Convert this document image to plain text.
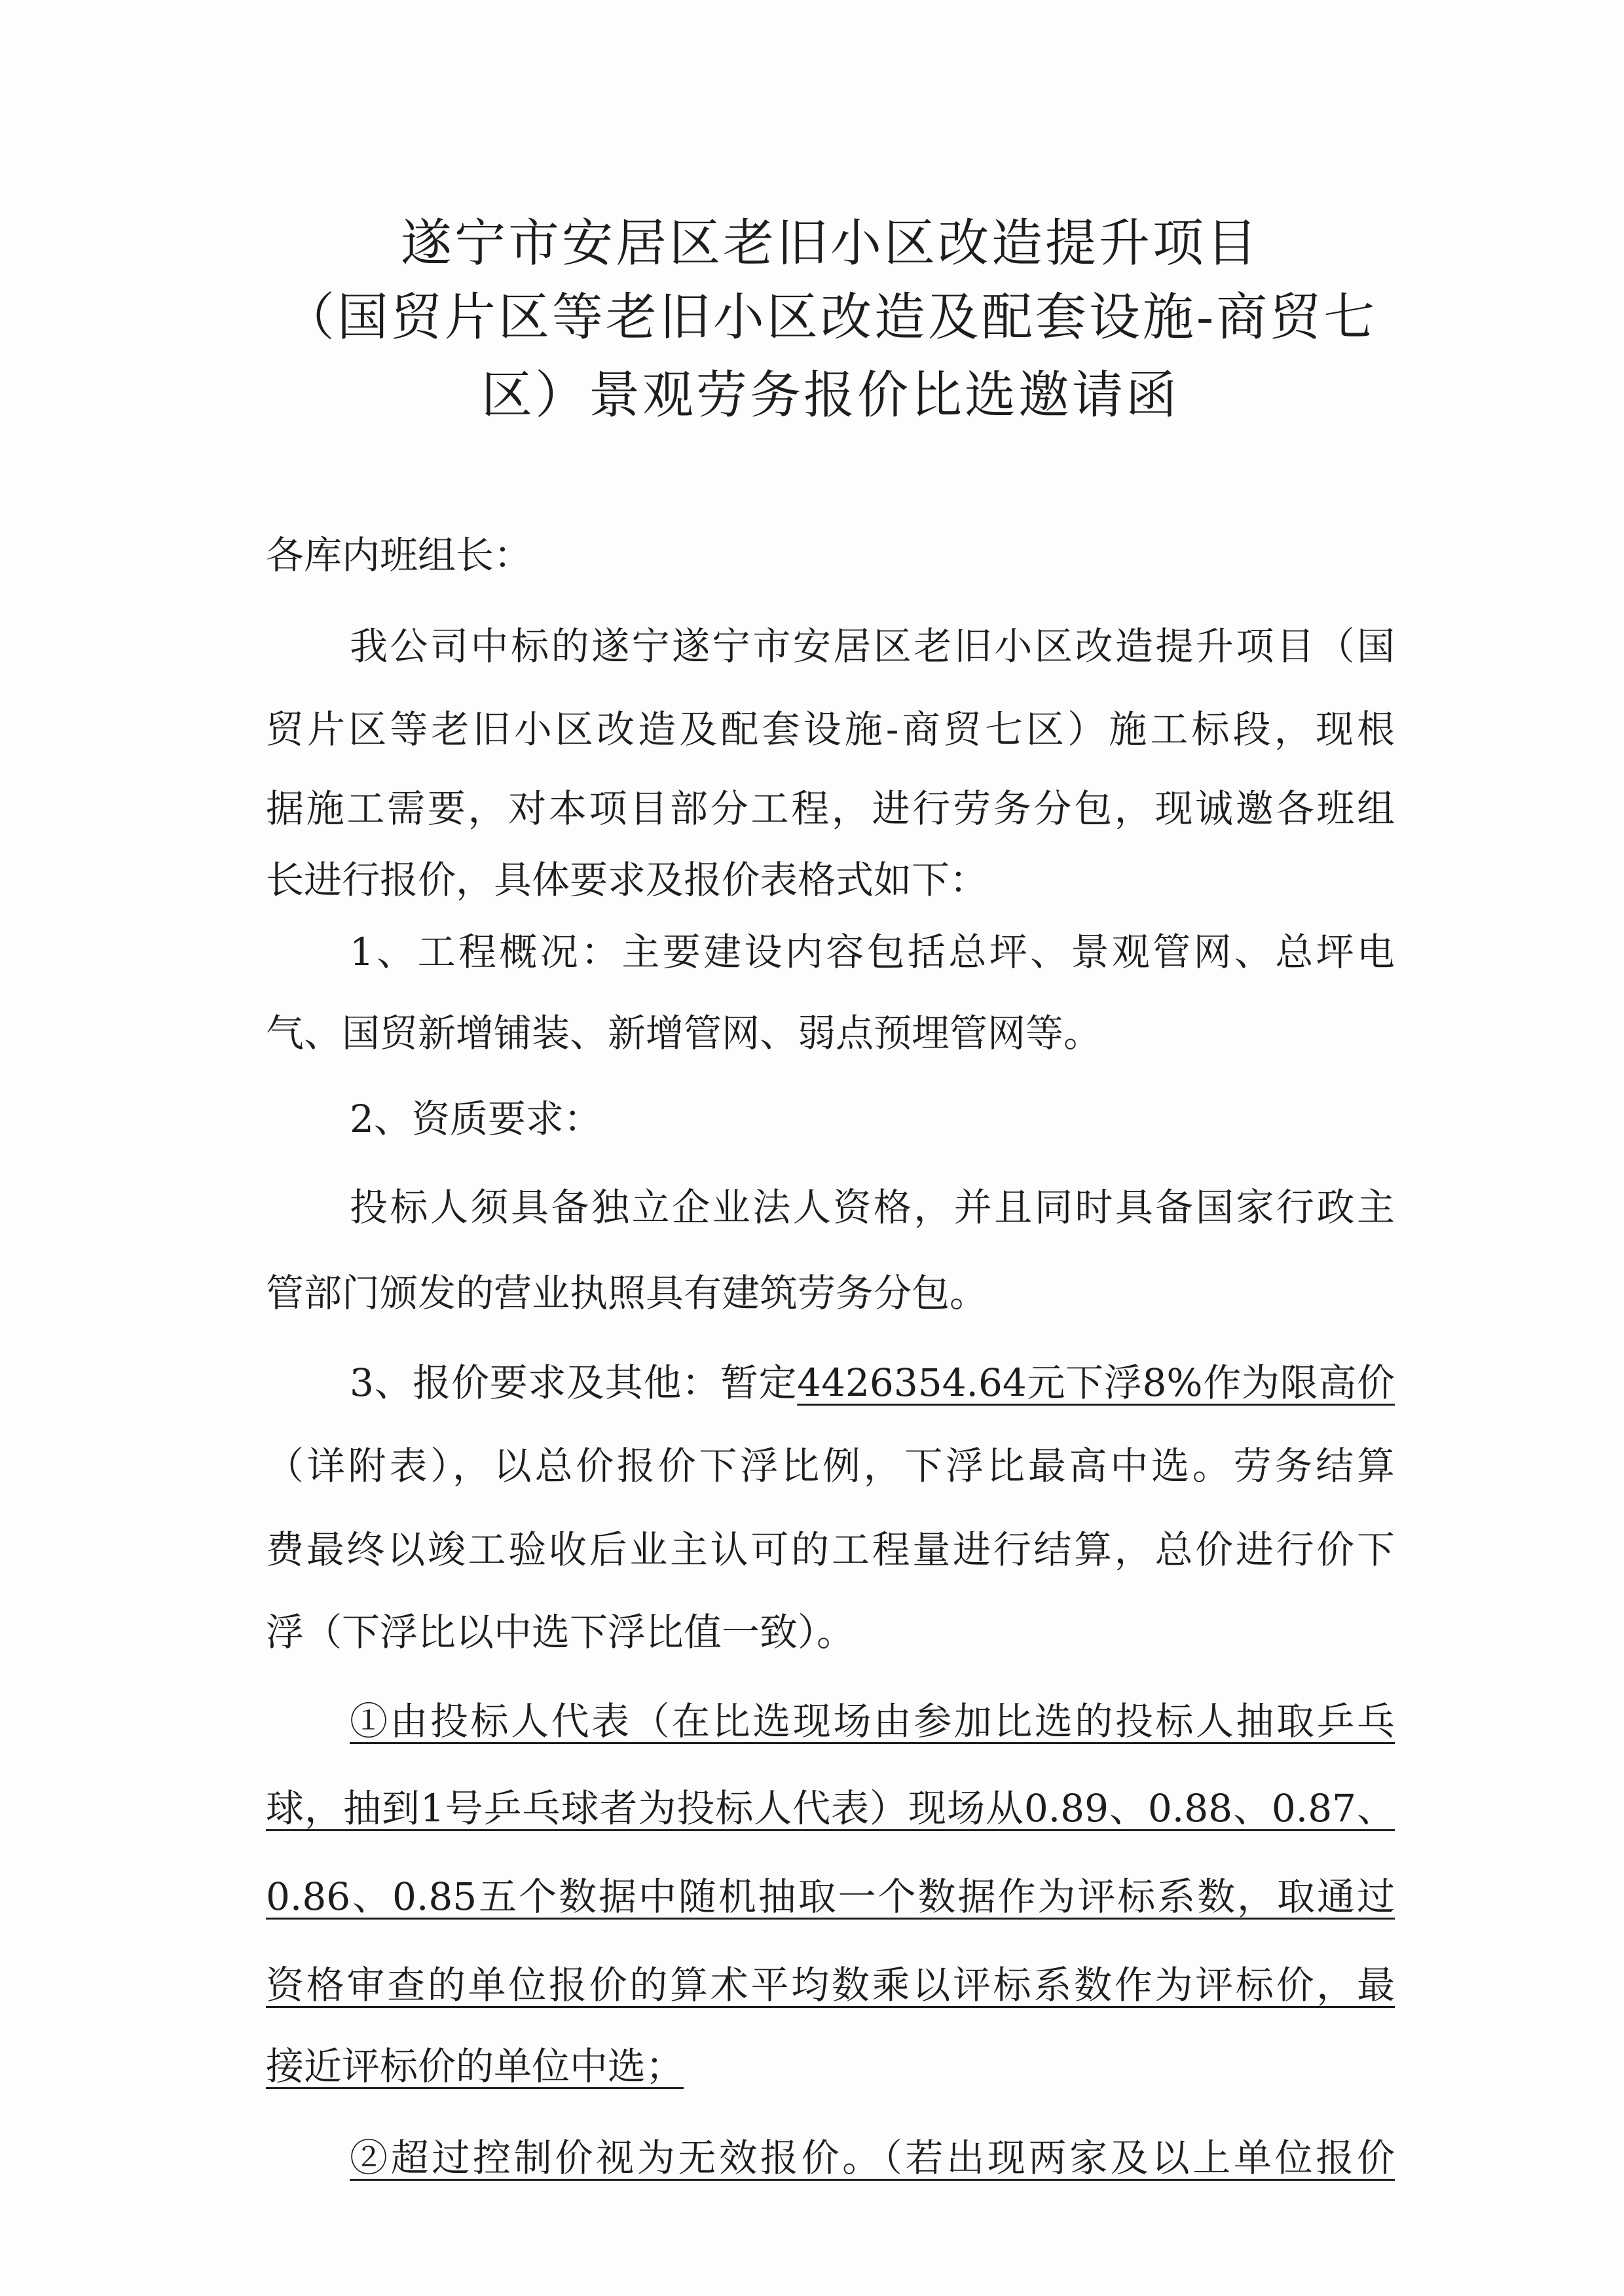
遂宁市安居区老旧小区改造提升项目
（国贸片区等老旧小区改造及配套设施-商贸七
区）景观劳务报价比选邀请函
各库内班组长：
我公司中标的遂宁遂宁市安居区老旧小区改造提升项目（国
贸片区等老旧小区改造及配套设施-商贸七区）施工标段，现根
据施工需要，对本项目部分工程，进行劳务分包，现诚邀各班组
长进行报价，具体要求及报价表格式如下：
1、工程概况：主要建设内容包括总坪、景观管网、总坪电
气、国贸新增铺装、新增管网、弱点预埋管网等。
2、资质要求：
投标人须具备独立企业法人资格，并且同时具备国家行政主
管部门颁发的营业执照具有建筑劳务分包。
3、报价要求及其他：暂定4426354.64元下浮8%作为限高价
（详附表），以总价报价下浮比例，下浮比最高中选。劳务结算
费最终以竣工验收后业主认可的工程量进行结算，总价进行价下
浮（下浮比以中选下浮比值一致）。
①由投标人代表（在比选现场由参加比选的投标人抽取乒乓
球，抽到1号乒乓球者为投标人代表）现场从0.89、0.88、0.87、
0.86、0.85五个数据中随机抽取一个数据作为评标系数，取通过
资格审查的单位报价的算术平均数乘以评标系数作为评标价，最
接近评标价的单位中选；
②超过控制价视为无效报价。（若出现两家及以上单位报价
